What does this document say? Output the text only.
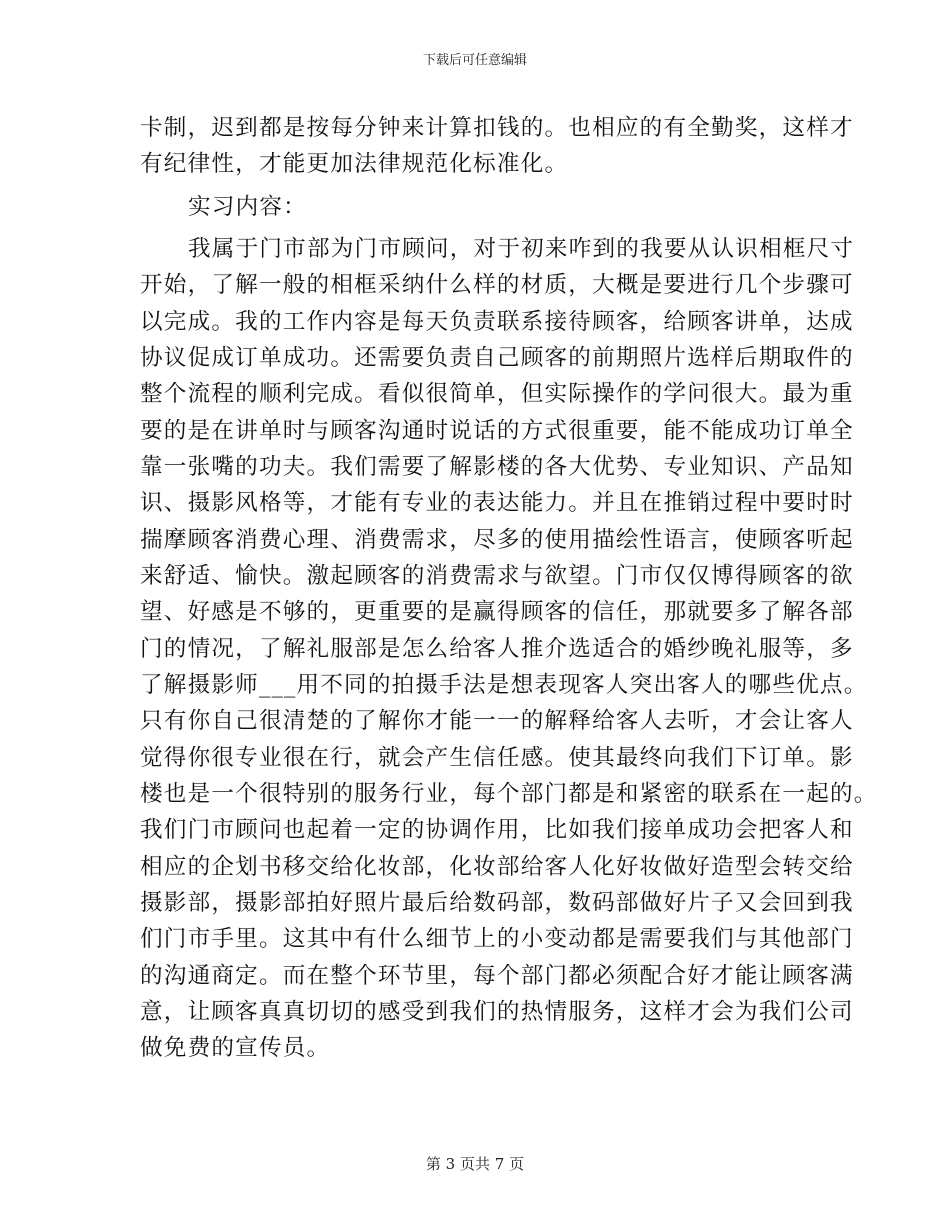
下载后可任意编辑
卡制，迟到都是按每分钟来计算扣钱的。也相应的有全勤奖，这样才
有纪律性，才能更加法律规范化标准化。
实习内容：
我属于门市部为门市顾问，对于初来咋到的我要从认识相框尺寸
开始，了解一般的相框采纳什么样的材质，大概是要进行几个步骤可
以完成。我的工作内容是每天负责联系接待顾客，给顾客讲单，达成
协议促成订单成功。还需要负责自己顾客的前期照片选样后期取件的
整个流程的顺利完成。看似很简单，但实际操作的学问很大。最为重
要的是在讲单时与顾客沟通时说话的方式很重要，能不能成功订单全
靠一张嘴的功夫。我们需要了解影楼的各大优势、专业知识、产品知
识、摄影风格等，才能有专业的表达能力。并且在推销过程中要时时
揣摩顾客消费心理、消费需求，尽多的使用描绘性语言，使顾客听起
来舒适、愉快。激起顾客的消费需求与欲望。门市仅仅博得顾客的欲
望、好感是不够的，更重要的是赢得顾客的信任，那就要多了解各部
门的情况，了解礼服部是怎么给客人推介选适合的婚纱晚礼服等，多
了解摄影师___用不同的拍摄手法是想表现客人突出客人的哪些优点。
只有你自己很清楚的了解你才能一一的解释给客人去听，才会让客人
觉得你很专业很在行，就会产生信任感。使其最终向我们下订单。影
楼也是一个很特别的服务行业，每个部门都是和紧密的联系在一起的。
我们门市顾问也起着一定的协调作用，比如我们接单成功会把客人和
相应的企划书移交给化妆部，化妆部给客人化好妆做好造型会转交给
摄影部，摄影部拍好照片最后给数码部，数码部做好片子又会回到我
们门市手里。这其中有什么细节上的小变动都是需要我们与其他部门
的沟通商定。而在整个环节里，每个部门都必须配合好才能让顾客满
意，让顾客真真切切的感受到我们的热情服务，这样才会为我们公司
做免费的宣传员。
第 3 页共 7 页
